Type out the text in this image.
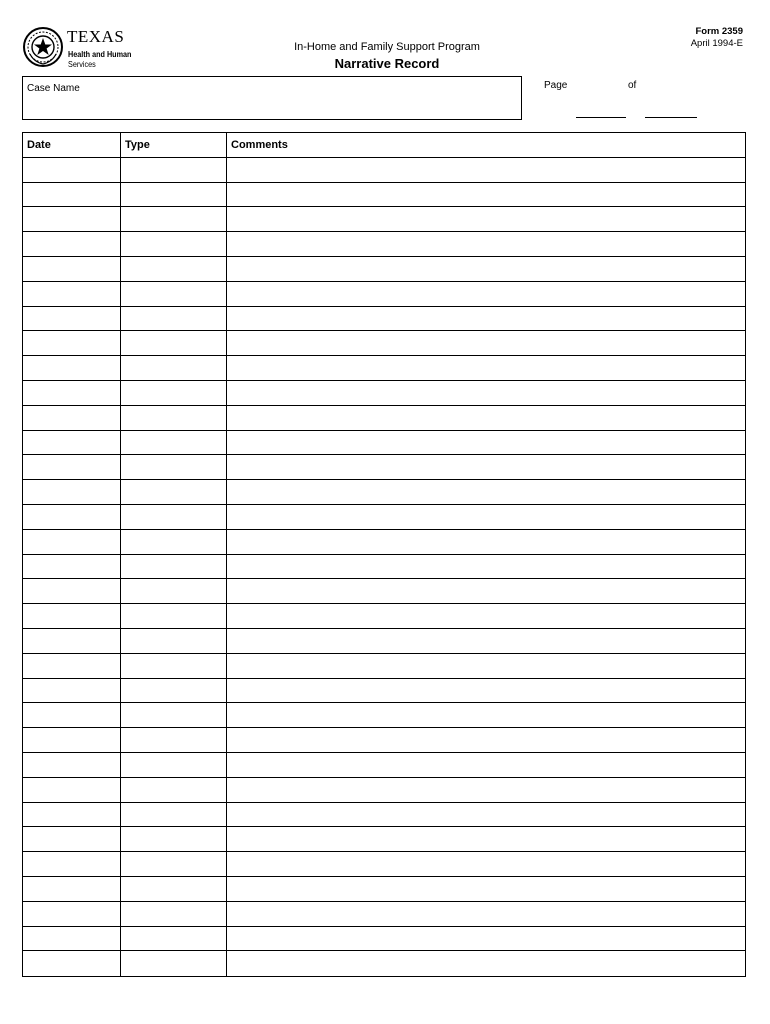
TEXAS
Health and Human
Services
In-Home and Family Support Program
Narrative Record
Form 2359
April 1994-E
Case Name	Page	of
Date	Type	Comments
